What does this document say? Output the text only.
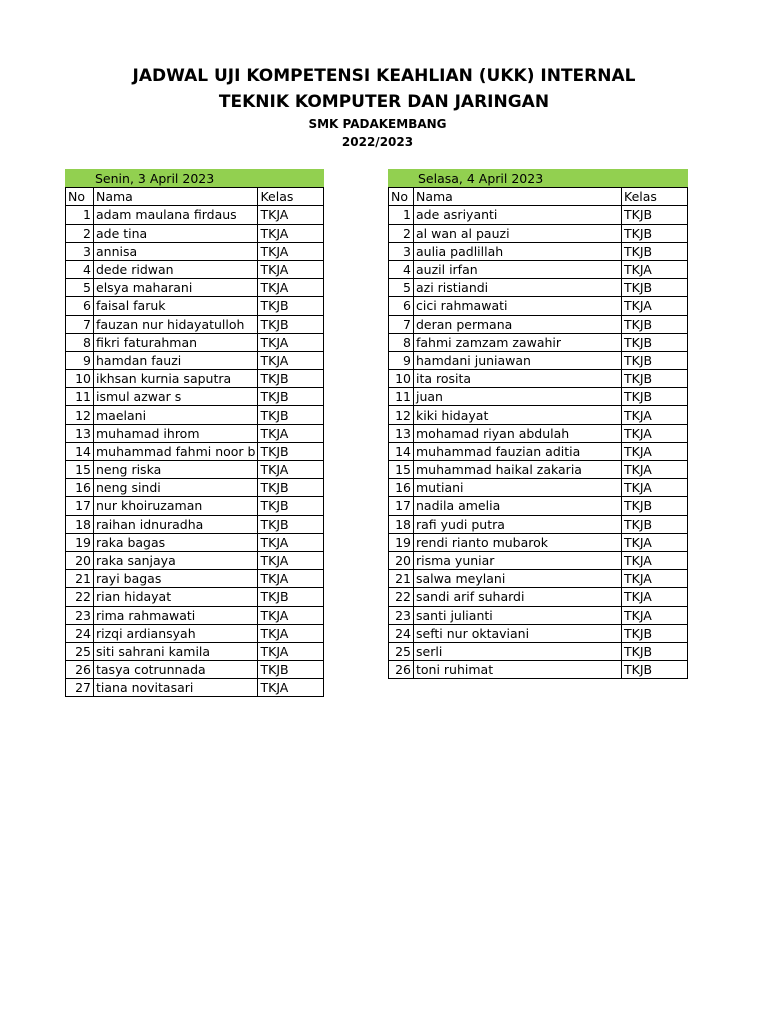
JADWAL UJI KOMPETENSI KEAHLIAN (UKK) INTERNAL
TEKNIK KOMPUTER DAN JARINGAN
SMK PADAKEMBANG
2022/2023
Senin, 3 April 2023		
No	Nama	Kelas
1	adam maulana firdaus	TKJA
2	ade tina	TKJA
3	annisa	TKJA
4	dede ridwan	TKJA
5	elsya maharani	TKJA
6	faisal faruk	TKJB
7	fauzan nur hidayatulloh	TKJB
8	fikri faturahman	TKJA
9	hamdan fauzi	TKJA
10	ikhsan kurnia saputra	TKJB
11	ismul azwar s	TKJB
12	maelani	TKJB
13	muhamad ihrom	TKJA
14	muhammad fahmi noor b	TKJB
15	neng riska	TKJA
16	neng sindi	TKJB
17	nur khoiruzaman	TKJB
18	raihan idnuradha	TKJB
19	raka bagas	TKJA
20	raka sanjaya	TKJA
21	rayi bagas	TKJA
22	rian hidayat	TKJB
23	rima rahmawati	TKJA
24	rizqi ardiansyah	TKJA
25	siti sahrani kamila	TKJA
26	tasya cotrunnada	TKJB
27	tiana novitasari	TKJA
Selasa, 4 April 2023		
No	Nama	Kelas
1	ade asriyanti	TKJB
2	al wan al pauzi	TKJB
3	aulia padlillah	TKJB
4	auzil irfan	TKJA
5	azi ristiandi	TKJB
6	cici rahmawati	TKJA
7	deran permana	TKJB
8	fahmi zamzam zawahir	TKJB
9	hamdani juniawan	TKJB
10	ita rosita	TKJB
11	juan	TKJB
12	kiki hidayat	TKJA
13	mohamad riyan abdulah	TKJA
14	muhammad fauzian aditia	TKJA
15	muhammad haikal zakaria	TKJA
16	mutiani	TKJA
17	nadila amelia	TKJB
18	rafi yudi putra	TKJB
19	rendi rianto mubarok	TKJA
20	risma yuniar	TKJA
21	salwa meylani	TKJA
22	sandi arif suhardi	TKJA
23	santi julianti	TKJA
24	sefti nur oktaviani	TKJB
25	serli	TKJB
26	toni ruhimat	TKJB
